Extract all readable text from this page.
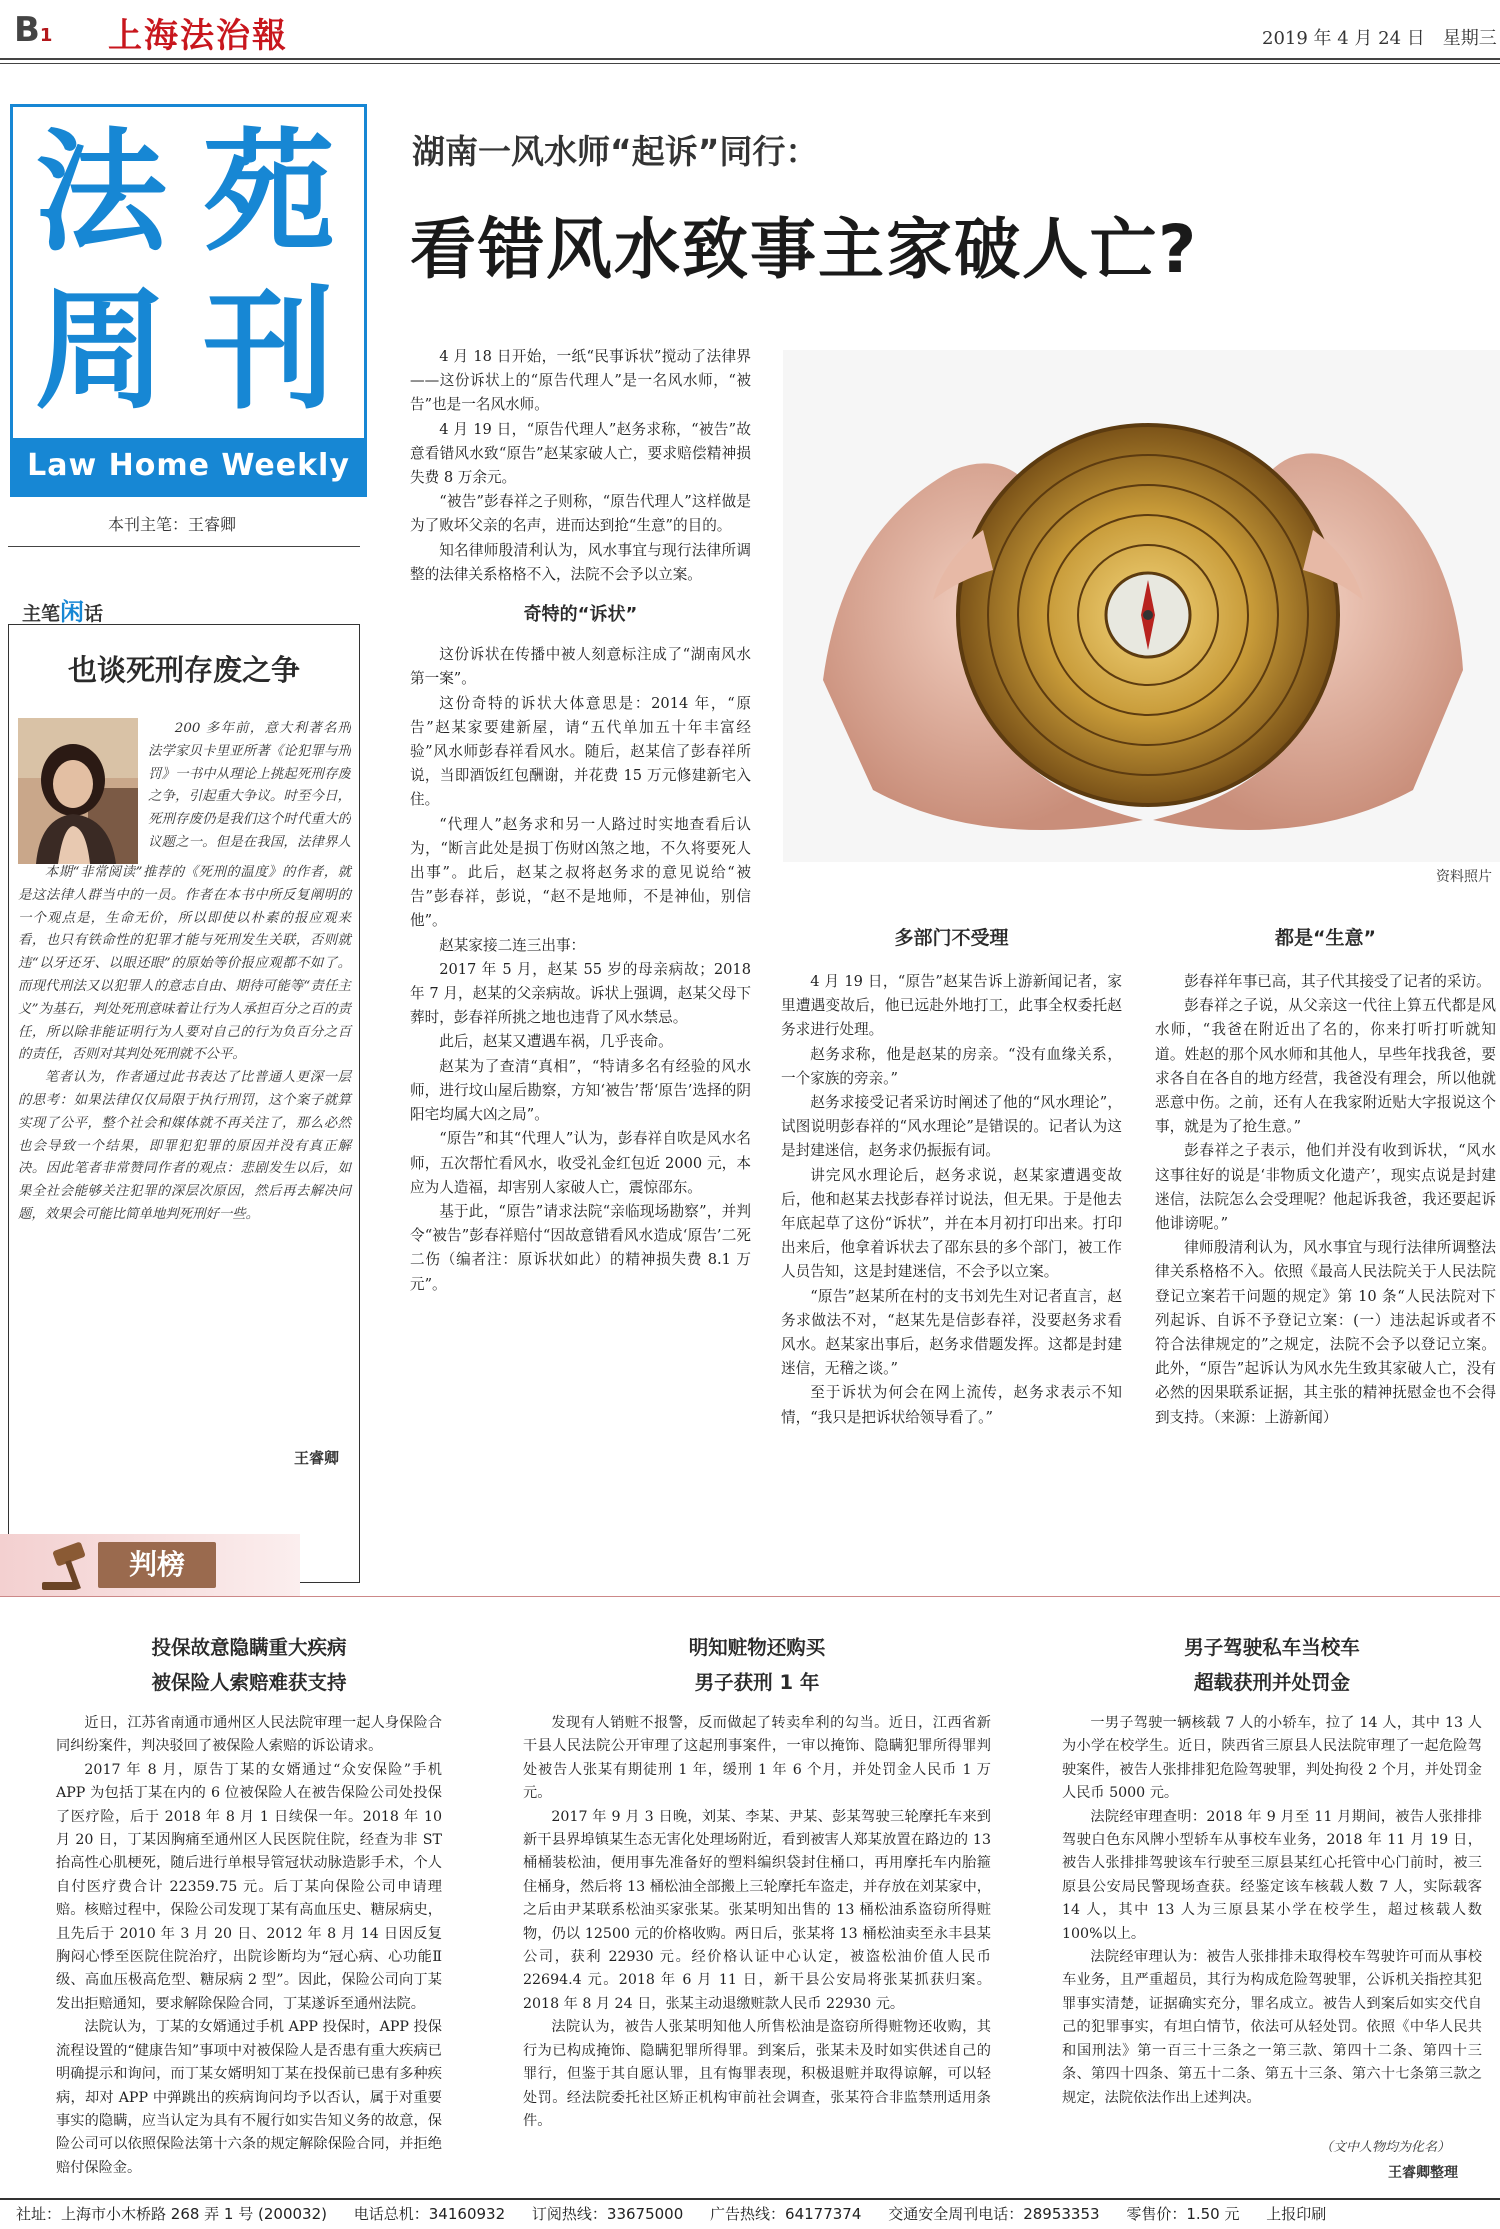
B1 上海法治報	2019 年 4 月 24 日　星期三
法 苑
周 刊
Law Home Weekly
本刊主笔：王睿卿
主笔闲话
也谈死刑存废之争

200 多年前，意大利著名刑法学家贝卡里亚所著《论犯罪与刑罚》一书中从理论上挑起死刑存废之争，引起重大争议。时至今日，死刑存废仍是我们这个时代重大的议题之一。但是在我国，法律界人

本期“非常阅读”推荐的《死刑的温度》的作者，就是这法律人群当中的一员。作者在本书中所反复阐明的一个观点是，生命无价，所以即使以朴素的报应观来看，也只有铁命性的犯罪才能与死刑发生关联，否则就违“以牙还牙、以眼还眼”的原始等价报应观都不如了。而现代刑法又以犯罪人的意志自由、期待可能等“责任主义”为基石，判处死刑意味着让行为人承担百分之百的责任，所以除非能证明行为人要对自己的行为负百分之百的责任，否则对其判处死刑就不公平。

笔者认为，作者通过此书表达了比普通人更深一层的思考：如果法律仅仅局限于执行刑罚，这个案子就算实现了公平，整个社会和媒体就不再关注了，那么必然也会导致一个结果，即罪犯犯罪的原因并没有真正解决。因此笔者非常赞同作者的观点：悲剧发生以后，如果全社会能够关注犯罪的深层次原因，然后再去解决问题，效果会可能比简单地判死刑好一些。

王睿卿
湖南一风水师“起诉”同行：
看错风水致事主家破人亡?
资料照片

4 月 18 日开始，一纸“民事诉状”搅动了法律界——这份诉状上的“原告代理人”是一名风水师，“被告”也是一名风水师。

4 月 19 日，“原告代理人”赵务求称，“被告”故意看错风水致“原告”赵某家破人亡，要求赔偿精神损失费 8 万余元。

“被告”彭春祥之子则称，“原告代理人”这样做是为了败坏父亲的名声，进而达到抢“生意”的目的。

知名律师殷清利认为，风水事宜与现行法律所调整的法律关系格格不入，法院不会予以立案。

奇特的“诉状”

这份诉状在传播中被人刻意标注成了“湖南风水第一案”。

这份奇特的诉状大体意思是：2014 年，“原告”赵某家要建新屋，请“五代单加五十年丰富经验”风水师彭春祥看风水。随后，赵某信了彭春祥所说，当即酒饭红包酬谢，并花费 15 万元修建新宅入住。

“代理人”赵务求和另一人路过时实地查看后认为，“断言此处是损丁伤财凶煞之地，不久将要死人出事”。此后，赵某之叔将赵务求的意见说给“被告”彭春祥，彭说，“赵不是地师，不是神仙，别信他”。

赵某家接二连三出事：

2017 年 5 月，赵某 55 岁的母亲病故；2018 年 7 月，赵某的父亲病故。诉状上强调，赵某父母下葬时，彭春祥所挑之地也违背了风水禁忌。

此后，赵某又遭遇车祸，几乎丧命。

赵某为了查清“真相”，“特请多名有经验的风水师，进行坟山屋后勘察，方知‘被告’帮‘原告’选择的阴阳宅均属大凶之局”。

“原告”和其“代理人”认为，彭春祥自吹是风水名师，五次帮忙看风水，收受礼金红包近 2000 元，本应为人造福，却害别人家破人亡，震惊邵东。

基于此，“原告”请求法院“亲临现场勘察”，并判令“被告”彭春祥赔付“因故意错看风水造成‘原告’二死二伤（编者注：原诉状如此）的精神损失费 8.1 万元”。

多部门不受理

4 月 19 日，“原告”赵某告诉上游新闻记者，家里遭遇变故后，他已远赴外地打工，此事全权委托赵务求进行处理。

赵务求称，他是赵某的房亲。“没有血缘关系，一个家族的旁亲。”

赵务求接受记者采访时阐述了他的“风水理论”，试图说明彭春祥的“风水理论”是错误的。记者认为这是封建迷信，赵务求仍振振有词。

讲完风水理论后，赵务求说，赵某家遭遇变故后，他和赵某去找彭春祥讨说法，但无果。于是他去年底起草了这份“诉状”，并在本月初打印出来。打印出来后，他拿着诉状去了邵东县的多个部门，被工作人员告知，这是封建迷信，不会予以立案。

“原告”赵某所在村的支书刘先生对记者直言，赵务求做法不对，“赵某先是信彭春祥，没要赵务求看风水。赵某家出事后，赵务求借题发挥。这都是封建迷信，无稽之谈。”

至于诉状为何会在网上流传，赵务求表示不知情，“我只是把诉状给领导看了。”

都是“生意”

彭春祥年事已高，其子代其接受了记者的采访。

彭春祥之子说，从父亲这一代往上算五代都是风水师，“我爸在附近出了名的，你来打听打听就知道。姓赵的那个风水师和其他人，早些年找我爸，要求各自在各自的地方经营，我爸没有理会，所以他就恶意中伤。之前，还有人在我家附近贴大字报说这个事，就是为了抢生意。”

彭春祥之子表示，他们并没有收到诉状，“风水这事往好的说是‘非物质文化遗产’，现实点说是封建迷信，法院怎么会受理呢？他起诉我爸，我还要起诉他诽谤呢。”

律师殷清利认为，风水事宜与现行法律所调整法律关系格格不入。依照《最高人民法院关于人民法院登记立案若干问题的规定》第 10 条“人民法院对下列起诉、自诉不予登记立案：(一）违法起诉或者不符合法律规定的”之规定，法院不会予以登记立案。此外，“原告”起诉认为风水先生致其家破人亡，没有必然的因果联系证据，其主张的精神抚慰金也不会得到支持。（来源：上游新闻）

判榜
投保故意隐瞒重大疾病
被保险人索赔难获支持

近日，江苏省南通市通州区人民法院审理一起人身保险合同纠纷案件，判决驳回了被保险人索赔的诉讼请求。

2017 年 8 月，原告丁某的女婿通过“众安保险”手机 APP 为包括丁某在内的 6 位被保险人在被告保险公司处投保了医疗险，后于 2018 年 8 月 1 日续保一年。2018 年 10 月 20 日，丁某因胸痛至通州区人民医院住院，经查为非 ST 抬高性心肌梗死，随后进行单根导管冠状动脉造影手术，个人自付医疗费合计 22359.75 元。后丁某向保险公司申请理赔。核赔过程中，保险公司发现丁某有高血压史、糖尿病史，且先后于 2010 年 3 月 20 日、2012 年 8 月 14 日因反复胸闷心悸至医院住院治疗，出院诊断均为“冠心病、心功能Ⅱ级、高血压极高危型、糖尿病 2 型”。因此，保险公司向丁某发出拒赔通知，要求解除保险合同，丁某遂诉至通州法院。

法院认为，丁某的女婿通过手机 APP 投保时，APP 投保流程设置的“健康告知”事项中对被保险人是否患有重大疾病已明确提示和询问，而丁某女婿明知丁某在投保前已患有多种疾病，却对 APP 中弹跳出的疾病询问均予以否认，属于对重要事实的隐瞒，应当认定为具有不履行如实告知义务的故意，保险公司可以依照保险法第十六条的规定解除保险合同，并拒绝赔付保险金。

明知赃物还购买
男子获刑 1 年

发现有人销赃不报警，反而做起了转卖牟利的勾当。近日，江西省新干县人民法院公开审理了这起刑事案件，一审以掩饰、隐瞒犯罪所得罪判处被告人张某有期徒刑 1 年，缓刑 1 年 6 个月，并处罚金人民币 1 万元。

2017 年 9 月 3 日晚，刘某、李某、尹某、彭某驾驶三轮摩托车来到新干县界埠镇某生态无害化处理场附近，看到被害人郑某放置在路边的 13 桶桶装松油，便用事先准备好的塑料编织袋封住桶口，再用摩托车内胎箍住桶身，然后将 13 桶松油全部搬上三轮摩托车盗走，并存放在刘某家中，之后由尹某联系松油买家张某。张某明知出售的 13 桶松油系盗窃所得赃物，仍以 12500 元的价格收购。两日后，张某将 13 桶松油卖至永丰县某公司，获利 22930 元。经价格认证中心认定，被盗松油价值人民币 22694.4 元。2018 年 6 月 11 日，新干县公安局将张某抓获归案。2018 年 8 月 24 日，张某主动退缴赃款人民币 22930 元。

法院认为，被告人张某明知他人所售松油是盗窃所得赃物还收购，其行为已构成掩饰、隐瞒犯罪所得罪。到案后，张某未及时如实供述自己的罪行，但鉴于其自愿认罪，且有悔罪表现，积极退赃并取得谅解，可以轻处罚。经法院委托社区矫正机构审前社会调查，张某符合非监禁刑适用条件。

男子驾驶私车当校车
超载获刑并处罚金

一男子驾驶一辆核载 7 人的小轿车，拉了 14 人，其中 13 人为小学在校学生。近日，陕西省三原县人民法院审理了一起危险驾驶案件，被告人张排排犯危险驾驶罪，判处拘役 2 个月，并处罚金人民币 5000 元。

法院经审理查明：2018 年 9 月至 11 月期间，被告人张排排驾驶白色东风牌小型轿车从事校车业务，2018 年 11 月 19 日，被告人张排排驾驶该车行驶至三原县某红心托管中心门前时，被三原县公安局民警现场查获。经鉴定该车核载人数 7 人，实际载客 14 人，其中 13 人为三原县某小学在校学生，超过核载人数 100%以上。

法院经审理认为：被告人张排排未取得校车驾驶许可而从事校车业务，且严重超员，其行为构成危险驾驶罪，公诉机关指控其犯罪事实清楚，证据确实充分，罪名成立。被告人到案后如实交代自己的犯罪事实，有坦白情节，依法可从轻处罚。依照《中华人民共和国刑法》第一百三十三条之一第三款、第四十二条、第四十三条、第四十四条、第五十二条、第五十三条、第六十七条第三款之规定，法院依法作出上述判决。

（文中人物均为化名）
王睿卿整理
社址：上海市小木桥路 268 弄 1 号 (200032) 电话总机：34160932 订阅热线：33675000 广告热线：64177374 交通安全周刊电话：28953353 零售价：1.50 元 上报印刷
